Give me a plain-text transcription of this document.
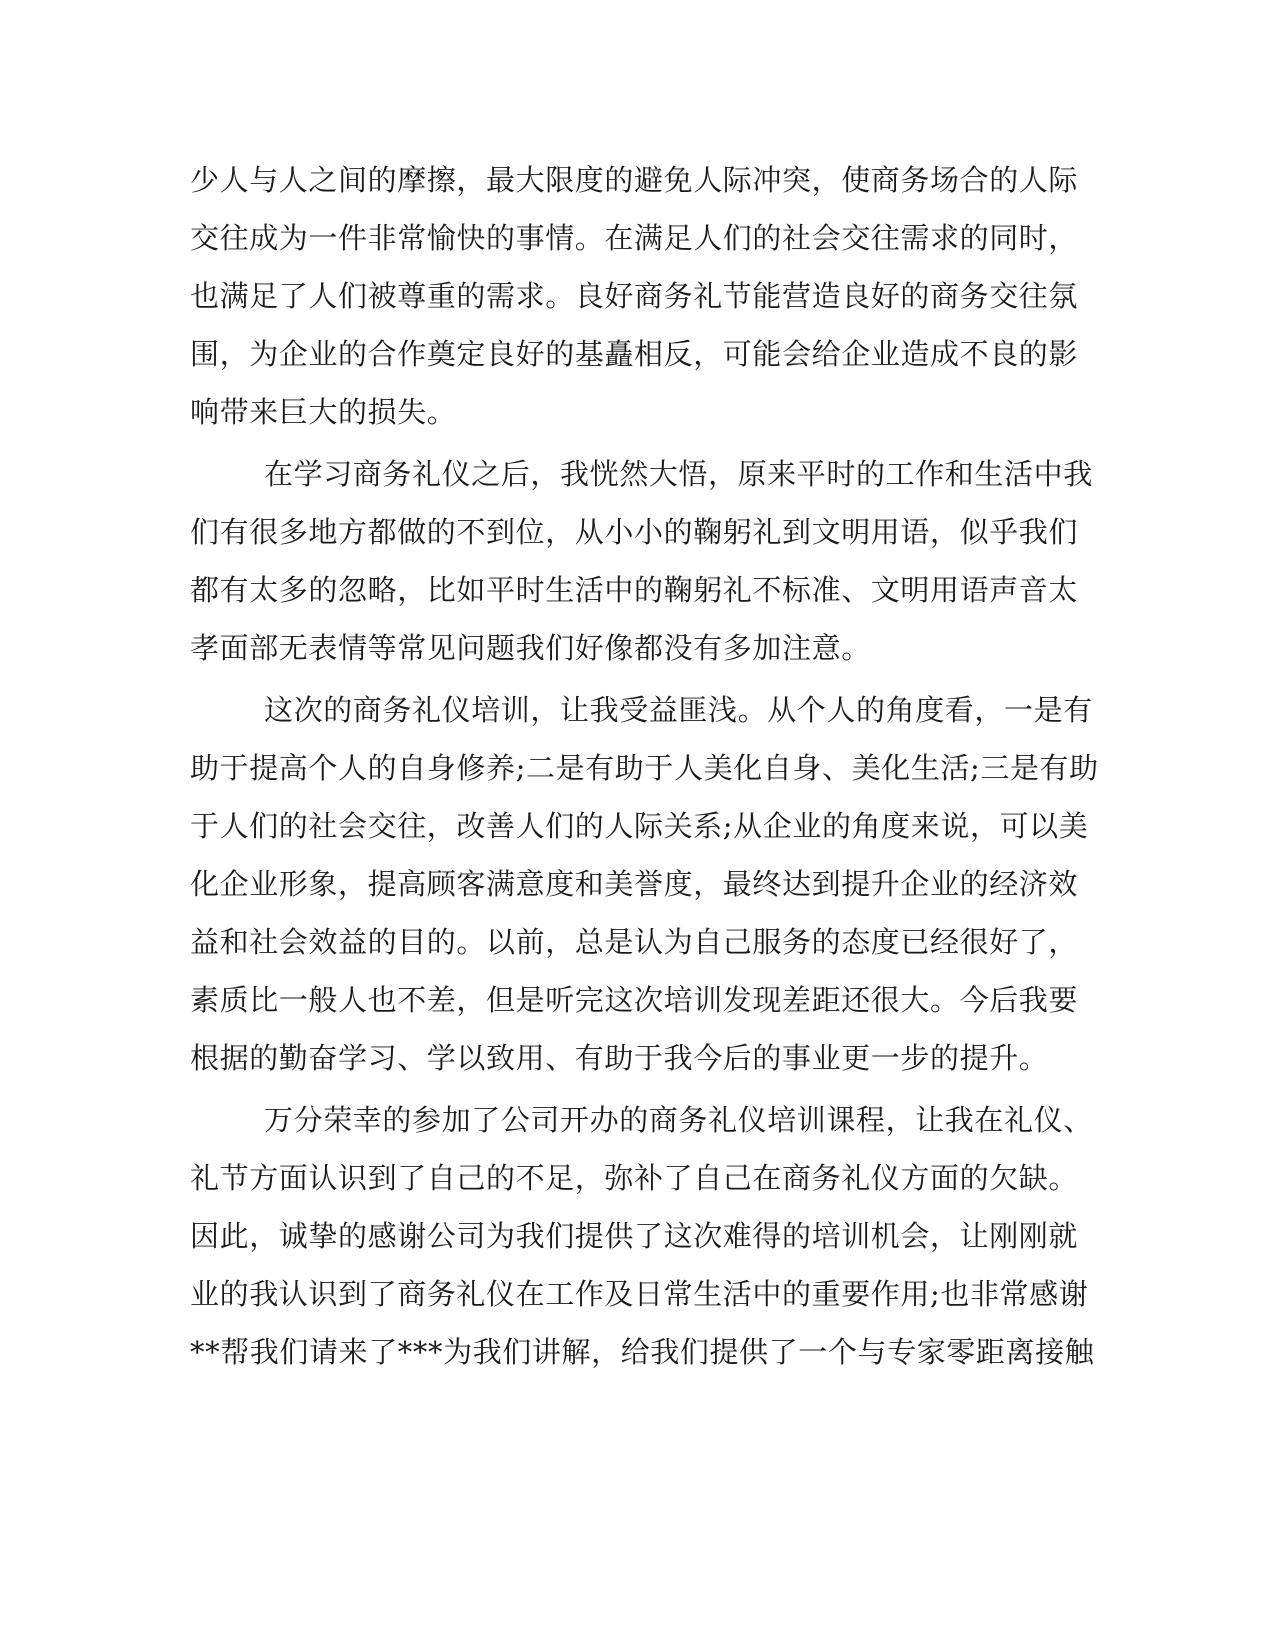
少人与人之间的摩擦，最大限度的避免人际冲突，使商务场合的人际
交往成为一件非常愉快的事情。在满足人们的社会交往需求的同时，
也满足了人们被尊重的需求。良好商务礼节能营造良好的商务交往氛
围，为企业的合作奠定良好的基矗相反，可能会给企业造成不良的影
响带来巨大的损失。
在学习商务礼仪之后，我恍然大悟，原来平时的工作和生活中我
们有很多地方都做的不到位，从小小的鞠躬礼到文明用语，似乎我们
都有太多的忽略，比如平时生活中的鞠躬礼不标准、文明用语声音太
孝面部无表情等常见问题我们好像都没有多加注意。
这次的商务礼仪培训，让我受益匪浅。从个人的角度看，一是有
助于提高个人的自身修养;二是有助于人美化自身、美化生活;三是有助
于人们的社会交往，改善人们的人际关系;从企业的角度来说，可以美
化企业形象，提高顾客满意度和美誉度，最终达到提升企业的经济效
益和社会效益的目的。以前，总是认为自己服务的态度已经很好了，
素质比一般人也不差，但是听完这次培训发现差距还很大。今后我要
根据的勤奋学习、学以致用、有助于我今后的事业更一步的提升。
万分荣幸的参加了公司开办的商务礼仪培训课程，让我在礼仪、
礼节方面认识到了自己的不足，弥补了自己在商务礼仪方面的欠缺。
因此，诚挚的感谢公司为我们提供了这次难得的培训机会，让刚刚就
业的我认识到了商务礼仪在工作及日常生活中的重要作用;也非常感谢
**帮我们请来了***为我们讲解，给我们提供了一个与专家零距离接触
